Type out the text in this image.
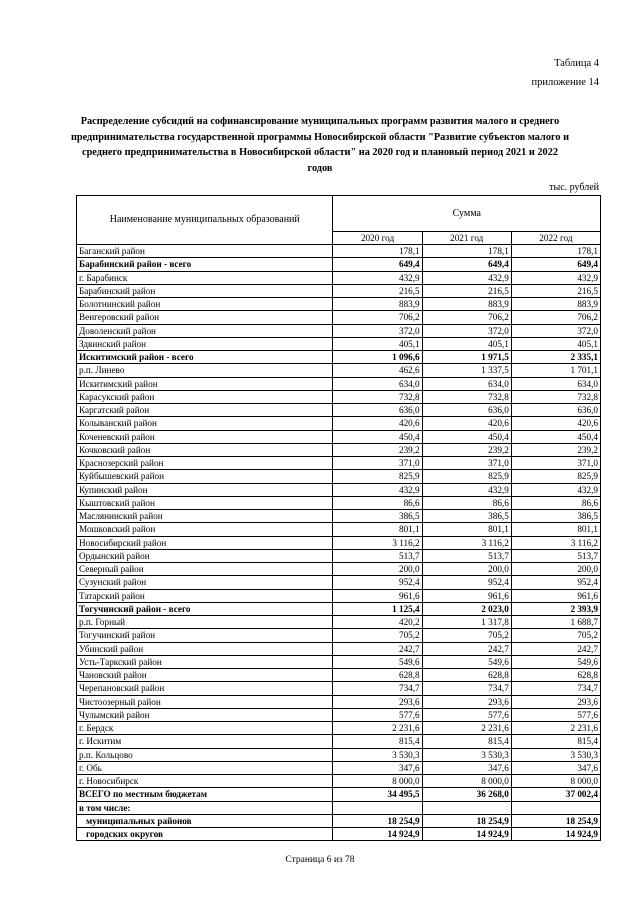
Таблица 4
приложение 14
Распределение субсидий на софинансирование муниципальных программ развития малого и среднего предпринимательства государственной программы Новосибирской области "Развитие субъектов малого и среднего предпринимательства в Новосибирской области" на 2020 год и плановый период 2021 и 2022 годов
тыс. рублей
Наименование муниципальных образований	Сумма		
	2020 год	2021 год	2022 год
Баганский район	178,1	178,1	178,1
Барабинский район - всего	649,4	649,4	649,4
г. Барабинск	432,9	432,9	432,9
Барабинский район	216,5	216,5	216,5
Болотнинский район	883,9	883,9	883,9
Венгеровский район	706,2	706,2	706,2
Доволенский район	372,0	372,0	372,0
Здвинский район	405,1	405,1	405,1
Искитимский район - всего	1 096,6	1 971,5	2 335,1
р.п. Линево	462,6	1 337,5	1 701,1
Искитимский район	634,0	634,0	634,0
Карасукский район	732,8	732,8	732,8
Каргатский район	636,0	636,0	636,0
Колыванский район	420,6	420,6	420,6
Коченевский район	450,4	450,4	450,4
Кочковский район	239,2	239,2	239,2
Краснозерский район	371,0	371,0	371,0
Куйбышевский район	825,9	825,9	825,9
Купинский район	432,9	432,9	432,9
Кыштовский район	86,6	86,6	86,6
Маслянинский район	386,5	386,5	386,5
Мошковский район	801,1	801,1	801,1
Новосибирский район	3 116,2	3 116,2	3 116,2
Ордынский район	513,7	513,7	513,7
Северный район	200,0	200,0	200,0
Сузунский район	952,4	952,4	952,4
Татарский район	961,6	961,6	961,6
Тогучинский район - всего	1 125,4	2 023,0	2 393,9
р.п. Горный	420,2	1 317,8	1 688,7
Тогучинский район	705,2	705,2	705,2
Убинский район	242,7	242,7	242,7
Усть-Таркский район	549,6	549,6	549,6
Чановский район	628,8	628,8	628,8
Черепановский район	734,7	734,7	734,7
Чистоозерный район	293,6	293,6	293,6
Чулымский район	577,6	577,6	577,6
г. Бердск	2 231,6	2 231,6	2 231,6
г. Искитим	815,4	815,4	815,4
р.п. Кольцово	3 530,3	3 530,3	3 530,3
г. Обь	347,6	347,6	347,6
г. Новосибирск	8 000,0	8 000,0	8 000,0
ВСЕГО по местным бюджетам	34 495,5	36 268,0	37 002,4
в том числе:			
муниципальных районов	18 254,9	18 254,9	18 254,9
городских округов	14 924,9	14 924,9	14 924,9
Страница 6 из 78
